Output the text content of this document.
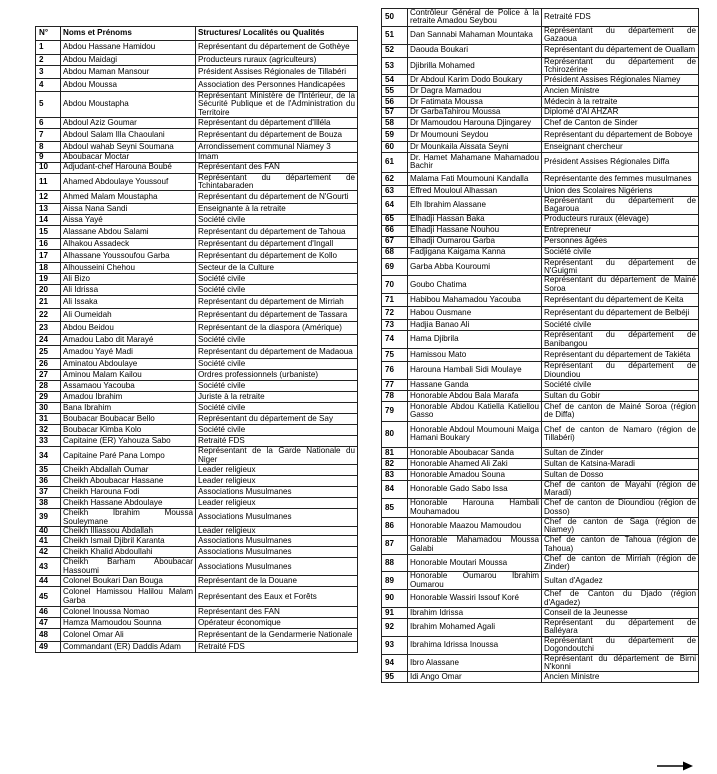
N°	Noms et Prénoms	Structures/ Localités ou Qualités
1	Abdou Hassane Hamidou	Représentant du département de Gothèye
2	Abdou Maidagi	Producteurs ruraux (agriculteurs)
3	Abdou Maman Mansour	Président Assises Régionales de Tillabéri
4	Abdou Moussa	Association des Personnes Handicapées
5	Abdou Moustapha	Représentant Ministère de l'Intérieur, de la Sécurité Publique et de l'Administration du Territoire
6	Abdoul Aziz Goumar	Représentant du département d'Illéla
7	Abdoul Salam Illa Chaoulani	Représentant du département de Bouza
8	Abdoul wahab Seyni Soumana	Arrondissement communal Niamey 3
9	Aboubacar Moctar	Imam
10	Adjudant-chef Harouna Boubé	Représentant des FAN
11	Ahamed Abdoulaye Youssouf	Représentant du département de Tchintabaraden
12	Ahmed Malam Moustapha	Représentant du département de N'Gourti
13	Aissa Nana Sandi	Enseignante à la retraite
14	Aissa Yayé	Société civile
15	Alassane Abdou Salami	Représentant du département de Tahoua
16	Alhakou Assadeck	Représentant du département d'Ingall
17	Alhassane Youssoufou Garba	Représentant du département de Kollo
18	Alhousseini Chehou	Secteur de la Culture
19	Ali Bizo	Société civile
20	Ali Idrissa	Société civile
21	Ali Issaka	Représentant du département de Mirriah
22	Ali Oumeidah	Représentant du département de Tassara
23	Abdou Beidou	Représentant de la diaspora (Amérique)
24	Amadou Labo dit Marayé	Société civile
25	Amadou Yayé Madi	Représentant du département de Madaoua
26	Aminatou Abdoulaye	Société civile
27	Aminou Malam Kailou	Ordres professionnels (urbaniste)
28	Assamaou Yacouba	Société civile
29	Amadou Ibrahim	Juriste à la retraite
30	Bana Ibrahim	Société civile
31	Boubacar Boubacar Bello	Représentant du département de Say
32	Boubacar Kimba Kolo	Société civile
33	Capitaine (ER) Yahouza Sabo	Retraité FDS
34	Capitaine Paré Pana Lompo	Représentant de la Garde Nationale du Niger
35	Cheikh Abdallah Oumar	Leader religieux
36	Cheikh Aboubacar Hassane	Leader religieux
37	Cheikh Harouna Fodi	Associations Musulmanes
38	Cheikh Hassane Abdoulaye	Leader religieux
39	Cheikh Ibrahim Moussa Souleymane	Associations Musulmanes
40	Cheikh Illiassou Abdallah	Leader religieux
41	Cheikh Ismail Djibril Karanta	Associations Musulmanes
42	Cheikh Khalid Abdoullahi	Associations Musulmanes
43	Cheikh Barham Aboubacar Hassoumi	Associations Musulmanes
44	Colonel Boukari Dan Bouga	Représentant de la Douane
45	Colonel Hamissou Halilou Malam Garba	Représentant des Eaux et Forêts
46	Colonel Inoussa Nomao	Représentant des FAN
47	Hamza Mamoudou Sounna	Opérateur économique
48	Colonel Omar Ali	Représentant de la Gendarmerie Nationale
49	Commandant (ER) Daddis Adam	Retraité FDS
50	Contrôleur Général de Police à la retraite Amadou Seybou	Retraité FDS
51	Dan Sannabi Mahaman Mountaka	Représentant du département de Gazaoua
52	Daouda Boukari	Représentant du département de Ouallam
53	Djibrilla Mohamed	Représentant du département de Tchirozérine
54	Dr Abdoul Karim Dodo Boukary	Président Assises Régionales Niamey
55	Dr Dagra Mamadou	Ancien Ministre
56	Dr Fatimata Moussa	Médecin à la retraite
57	Dr GarbaTahirou Moussa	Diplomé d'Al AHZAR
58	Dr Mamoudou Harouna Djingarey	Chef de Canton de Sinder
59	Dr Moumouni Seydou	Représentant du département de Boboye
60	Dr Mounkaila Aissata Seyni	Enseignant chercheur
61	Dr. Hamet Mahamane Mahamadou Bachir	Président Assises Régionales Diffa
62	Malama Fati Moumouni Kandalla	Représentante des femmes musulmanes
63	Effred Mouloul Alhassan	Union des Scolaires Nigériens
64	Elh Ibrahim Alassane	Représentant du département de Bagaroua
65	Elhadji Hassan Baka	Producteurs ruraux (élevage)
66	Elhadji Hassane Nouhou	Entrepreneur
67	Elhadji Oumarou Garba	Personnes âgées
68	Fadjigana Kaigama Kanna	Société civile
69	Garba Abba Kouroumi	Représentant du département de N'Guigmi
70	Goubo Chatima	Représentant du département de Mainé Soroa
71	Habibou Mahamadou Yacouba	Représentant du département de Keita
72	Habou Ousmane	Représentant du département de Belbéji
73	Hadjia Banao Ali	Société civile
74	Hama Djibrila	Représentant du département de Banibangou
75	Hamissou Mato	Représentant du département de Takiéta
76	Harouna Hambali Sidi Moulaye	Représentant du département de Dioundiou
77	Hassane Ganda	Société civile
78	Honorable Abdou Bala Marafa	Sultan du Gobir
79	Honorable Abdou Katiella Katiellou Gasso	Chef de canton de Mainé Soroa (région de Diffa)
80	Honorable Abdoul Moumouni Maiga Hamani Boukary	Chef de canton de Namaro (région de Tillabéri)
81	Honorable Aboubacar Sanda	Sultan de Zinder
82	Honorable Ahamed Ali Zaki	Sultan de Katsina-Maradi
83	Honorable Amadou Souna	Sultan de Dosso
84	Honorable Gado Sabo Issa	Chef de canton de Mayahi (région de Maradi)
85	Honorable Harouna Hambali Mouhamadou	Chef de canton de Dioundiou (région de Dosso)
86	Honorable Maazou Mamoudou	Chef de canton de Saga (région de Niamey)
87	Honorable Mahamadou Moussa Galabi	Chef de canton de Tahoua (région de Tahoua)
88	Honorable Moutari Moussa	Chef de canton de Mirriah (région de Zinder)
89	Honorable Oumarou Ibrahim Oumarou	Sultan d'Agadez
90	Honorable Wassiri Issouf Koré	Chef de Canton du Djado (région d'Agadez)
91	Ibrahim Idrissa	Conseil de la Jeunesse
92	Ibrahim Mohamed Agali	Représentant du département de Balléyara
93	Ibrahima Idrissa Inoussa	Représentant du département de Dogondoutchi
94	Ibro Alassane	Représentant du département de Birni N'konni
95	Idi Ango Omar	Ancien Ministre
